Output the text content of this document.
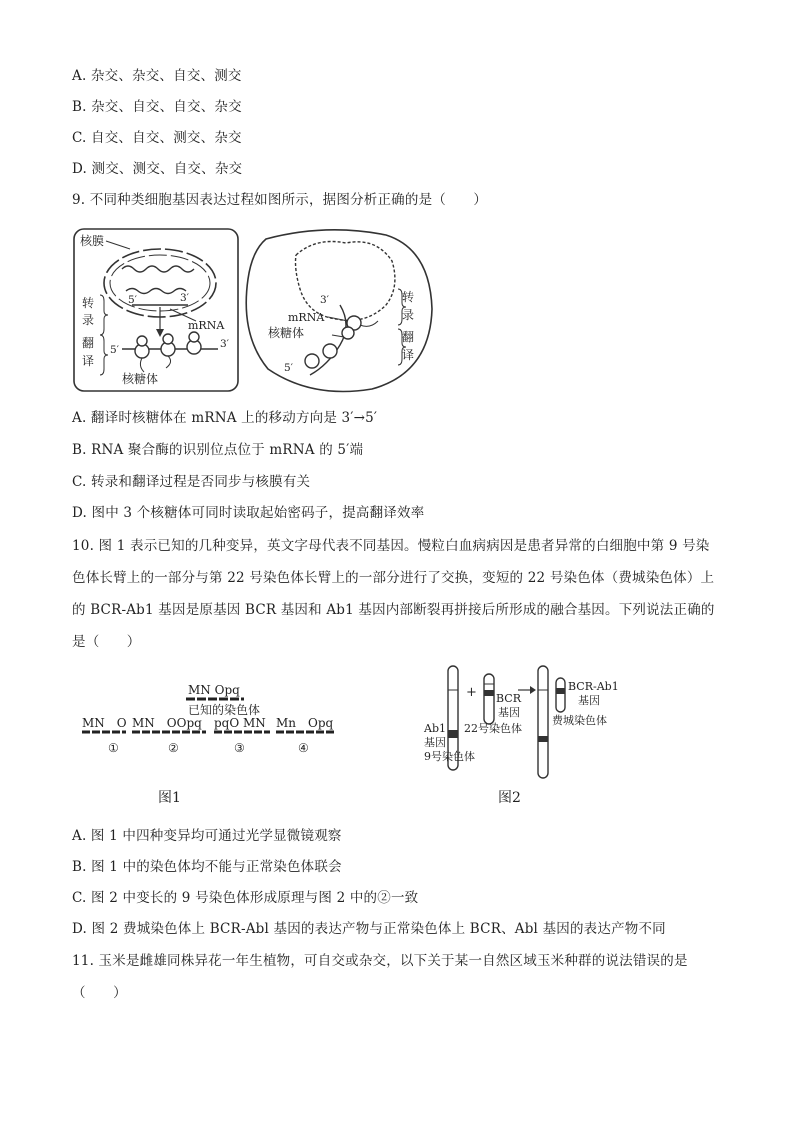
A. 杂交、杂交、自交、测交
B. 杂交、自交、自交、杂交
C. 自交、自交、测交、杂交
D. 测交、测交、自交、杂交
9. 不同种类细胞基因表达过程如图所示，据图分析正确的是（　　）
核膜
5′	3′
mRNA
转
录
翻
译
5′	3′
核糖体
3′
mRNA
核糖体
5′
转
录
翻
译
A. 翻译时核糖体在 mRNA 上的移动方向是 3′→5′
B. RNA 聚合酶的识别位点位于 mRNA 的 5′端
C. 转录和翻译过程是否同步与核膜有关
D. 图中 3 个核糖体可同时读取起始密码子，提高翻译效率
10. 图 1 表示已知的几种变异，英文字母代表不同基因。慢粒白血病病因是患者异常的白细胞中第 9 号染色体长臂上的一部分与第 22 号染色体长臂上的一部分进行了交换，变短的 22 号染色体（费城染色体）上的 BCR-Ab1 基因是原基因 BCR 基因和 Ab1 基因内部断裂再拼接后所形成的融合基因。下列说法正确的是（　　）
MN Opq
已知的染色体
MN　O MN　OOpq pqO MN Mn　Opq
①	②	③	④
图1
Ab1
基因
9号染色体
+ BCR
基因
22号染色体
BCR-Ab1
基因
费城染色体
图2
A. 图 1 中四种变异均可通过光学显微镜观察
B. 图 1 中的染色体均不能与正常染色体联会
C. 图 2 中变长的 9 号染色体形成原理与图 2 中的②一致
D. 图 2 费城染色体上 BCR-Abl 基因的表达产物与正常染色体上 BCR、Abl 基因的表达产物不同
11. 玉米是雌雄同株异花一年生植物，可自交或杂交，以下关于某一自然区域玉米种群的说法错误的是（　　）
